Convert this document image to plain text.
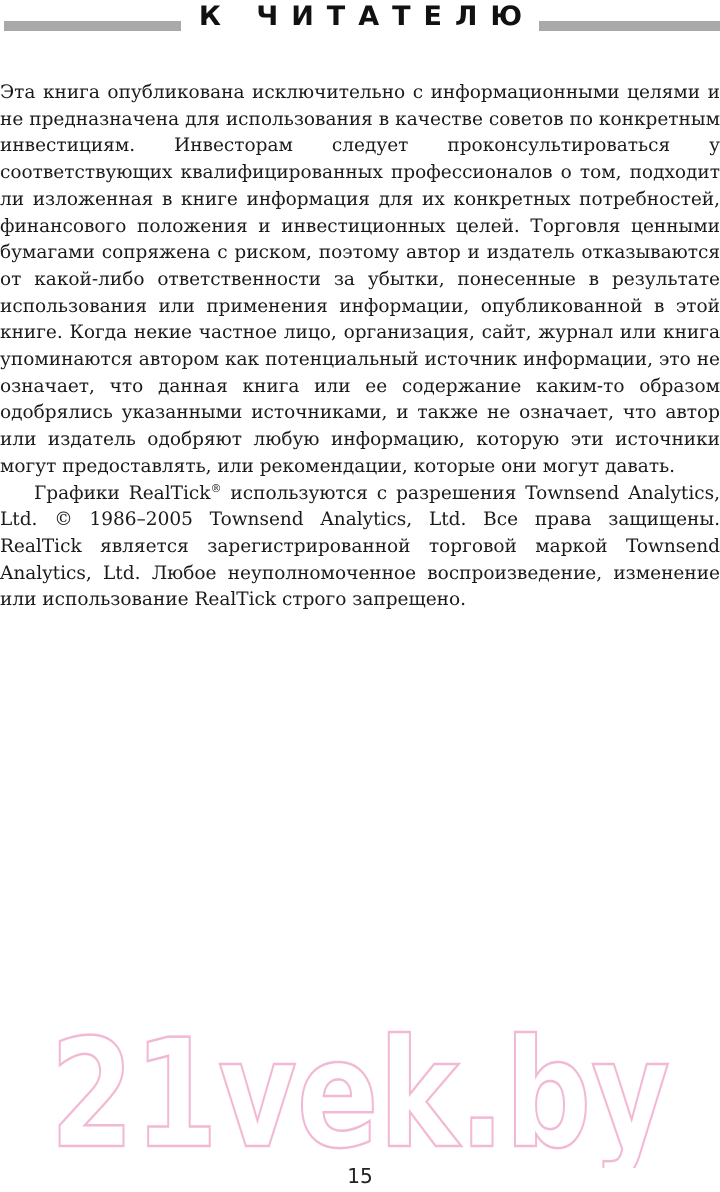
К ЧИТАТЕЛЮ

Эта книга опубликована исключительно с информационными целями и не предназначена для использования в качестве советов по конкретным инвестициям. Инвесторам следует проконсультироваться у соответствующих квалифицированных профессионалов о том, подходит ли изложенная в книге информация для их конкретных потребностей, финансового положения и инвестиционных целей. Торговля ценными бумагами сопряжена с риском, поэтому автор и издатель отказываются от какой-либо ответственности за убытки, понесенные в результате использования или применения информации, опубликованной в этой книге. Когда некие частное лицо, организация, сайт, журнал или книга упоминаются автором как потенциальный источник информации, это не означает, что данная книга или ее содержание каким-то образом одобрялись указанными источниками, и также не означает, что автор или издатель одобряют любую информацию, которую эти источники могут предоставлять, или рекомендации, которые они могут давать.

Графики RealTick® используются с разрешения Townsend Analytics, Ltd. © 1986–2005 Townsend Analytics, Ltd. Все права защищены. RealTick является зарегистрированной торговой маркой Townsend Analytics, Ltd. Любое неуполномоченное воспроизведение, изменение или использование RealTick строго запрещено.

21vek.by
15
